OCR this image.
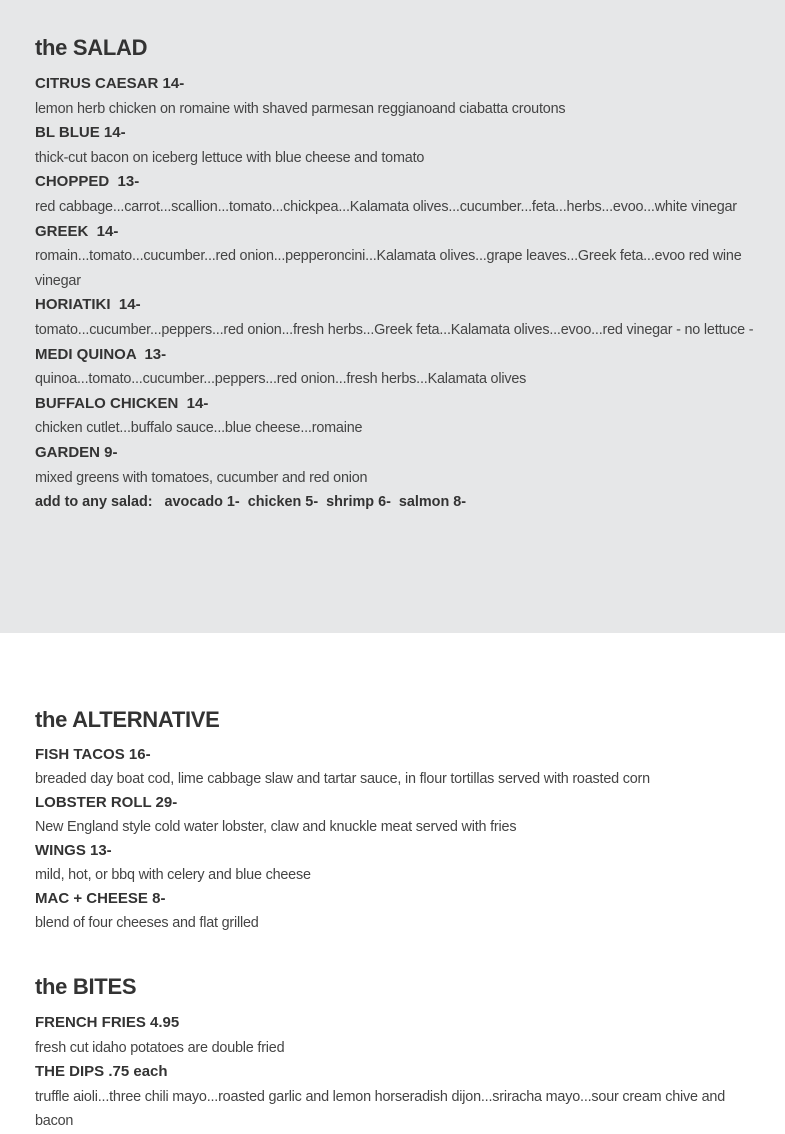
the SALAD
CITRUS CAESAR 14-
lemon herb chicken on romaine with shaved parmesan reggianoand ciabatta croutons
BL BLUE 14-
thick-cut bacon on iceberg lettuce with blue cheese and tomato
CHOPPED  13-
red cabbage...carrot...scallion...tomato...chickpea...Kalamata olives...cucumber...feta...herbs...evoo...white vinegar
GREEK  14-
romain...tomato...cucumber...red onion...pepperoncini...Kalamata olives...grape leaves...Greek feta...evoo red wine vinegar
HORIATIKI  14-
tomato...cucumber...peppers...red onion...fresh herbs...Greek feta...Kalamata olives...evoo...red vinegar - no lettuce -
MEDI QUINOA  13-
quinoa...tomato...cucumber...peppers...red onion...fresh herbs...Kalamata olives
BUFFALO CHICKEN  14-
chicken cutlet...buffalo sauce...blue cheese...romaine
GARDEN 9-
mixed greens with tomatoes, cucumber and red onion
add to any salad:   avocado 1-  chicken 5-  shrimp 6-  salmon 8-
the ALTERNATIVE
FISH TACOS 16-
breaded day boat cod, lime cabbage slaw and tartar sauce, in flour tortillas served with roasted corn
LOBSTER ROLL 29-
New England style cold water lobster, claw and knuckle meat served with fries
WINGS 13-
mild, hot, or bbq with celery and blue cheese
MAC + CHEESE 8-
blend of four cheeses and flat grilled
the BITES
FRENCH FRIES 4.95
fresh cut idaho potatoes are double fried
THE DIPS .75 each
truffle aioli...three chili mayo...roasted garlic and lemon horseradish dijon...sriracha mayo...sour cream chive and bacon
